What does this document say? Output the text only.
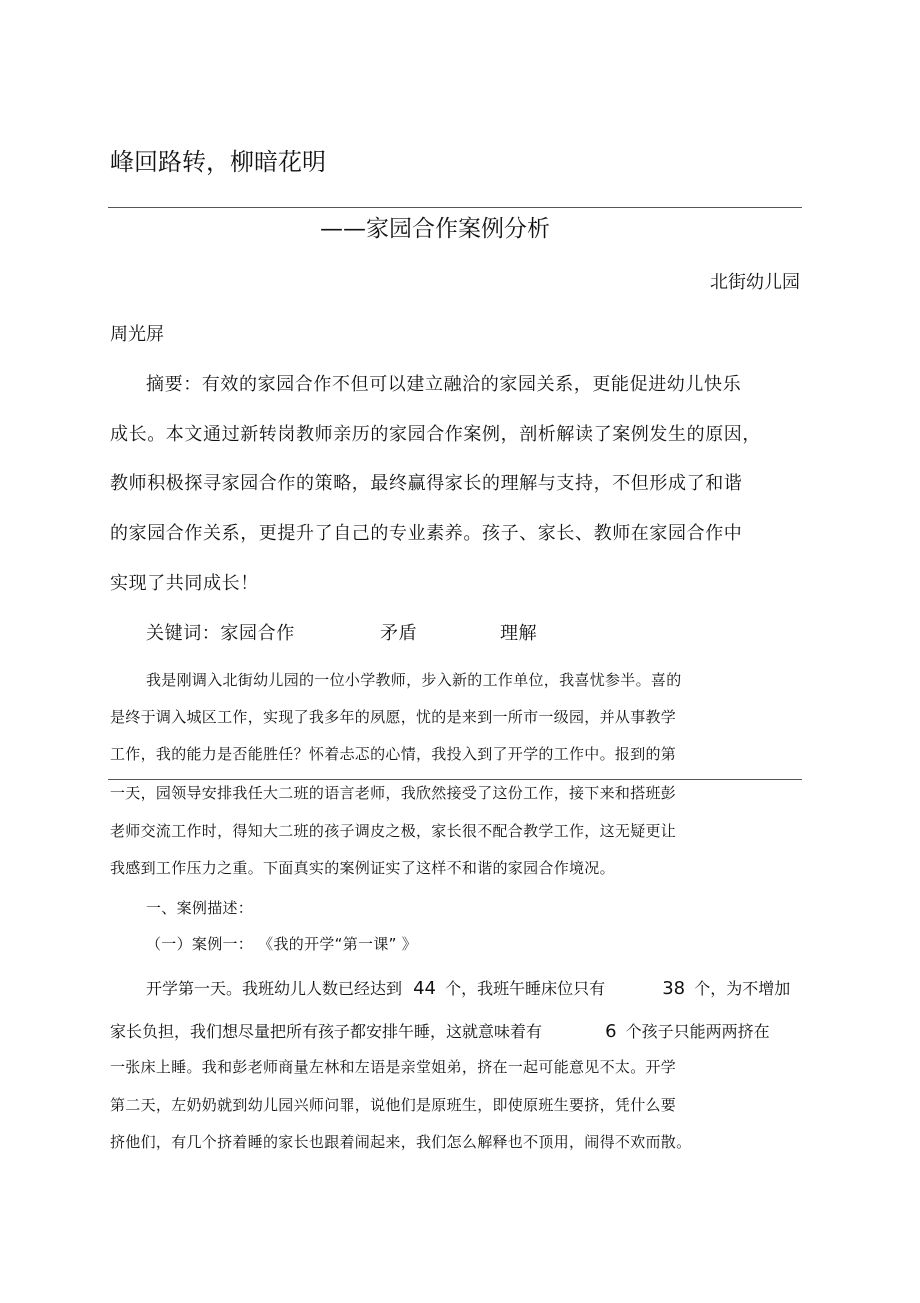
峰回路转，柳暗花明
——家园合作案例分析
北街幼儿园
周光屏
摘要：有效的家园合作不但可以建立融洽的家园关系，更能促进幼儿快乐
成长。本文通过新转岗教师亲历的家园合作案例，剖析解读了案例发生的原因，
教师积极探寻家园合作的策略，最终赢得家长的理解与支持，不但形成了和谐
的家园合作关系，更提升了自己的专业素养。孩子、家长、教师在家园合作中
实现了共同成长！
关键词：家园合作	矛盾	理解
我是刚调入北街幼儿园的一位小学教师，步入新的工作单位，我喜忧参半。喜的
是终于调入城区工作，实现了我多年的夙愿，忧的是来到一所市一级园，并从事教学
工作，我的能力是否能胜任？怀着忐忑的心情，我投入到了开学的工作中。报到的第
一天，园领导安排我任大二班的语言老师，我欣然接受了这份工作，接下来和搭班彭
老师交流工作时，得知大二班的孩子调皮之极，家长很不配合教学工作，这无疑更让
我感到工作压力之重。下面真实的案例证实了这样不和谐的家园合作境况。
一、案例描述：
（一）案例一： 《我的开学“第一课” 》
开学第一天。我班幼儿人数已经达到 44 个，我班午睡床位只有	38 个，为不增加
家长负担，我们想尽量把所有孩子都安排午睡，这就意味着有	6 个孩子只能两两挤在
一张床上睡。我和彭老师商量左林和左语是亲堂姐弟，挤在一起可能意见不太。开学
第二天，左奶奶就到幼儿园兴师问罪，说他们是原班生，即使原班生要挤，凭什么要
挤他们，有几个挤着睡的家长也跟着闹起来，我们怎么解释也不顶用，闹得不欢而散。
